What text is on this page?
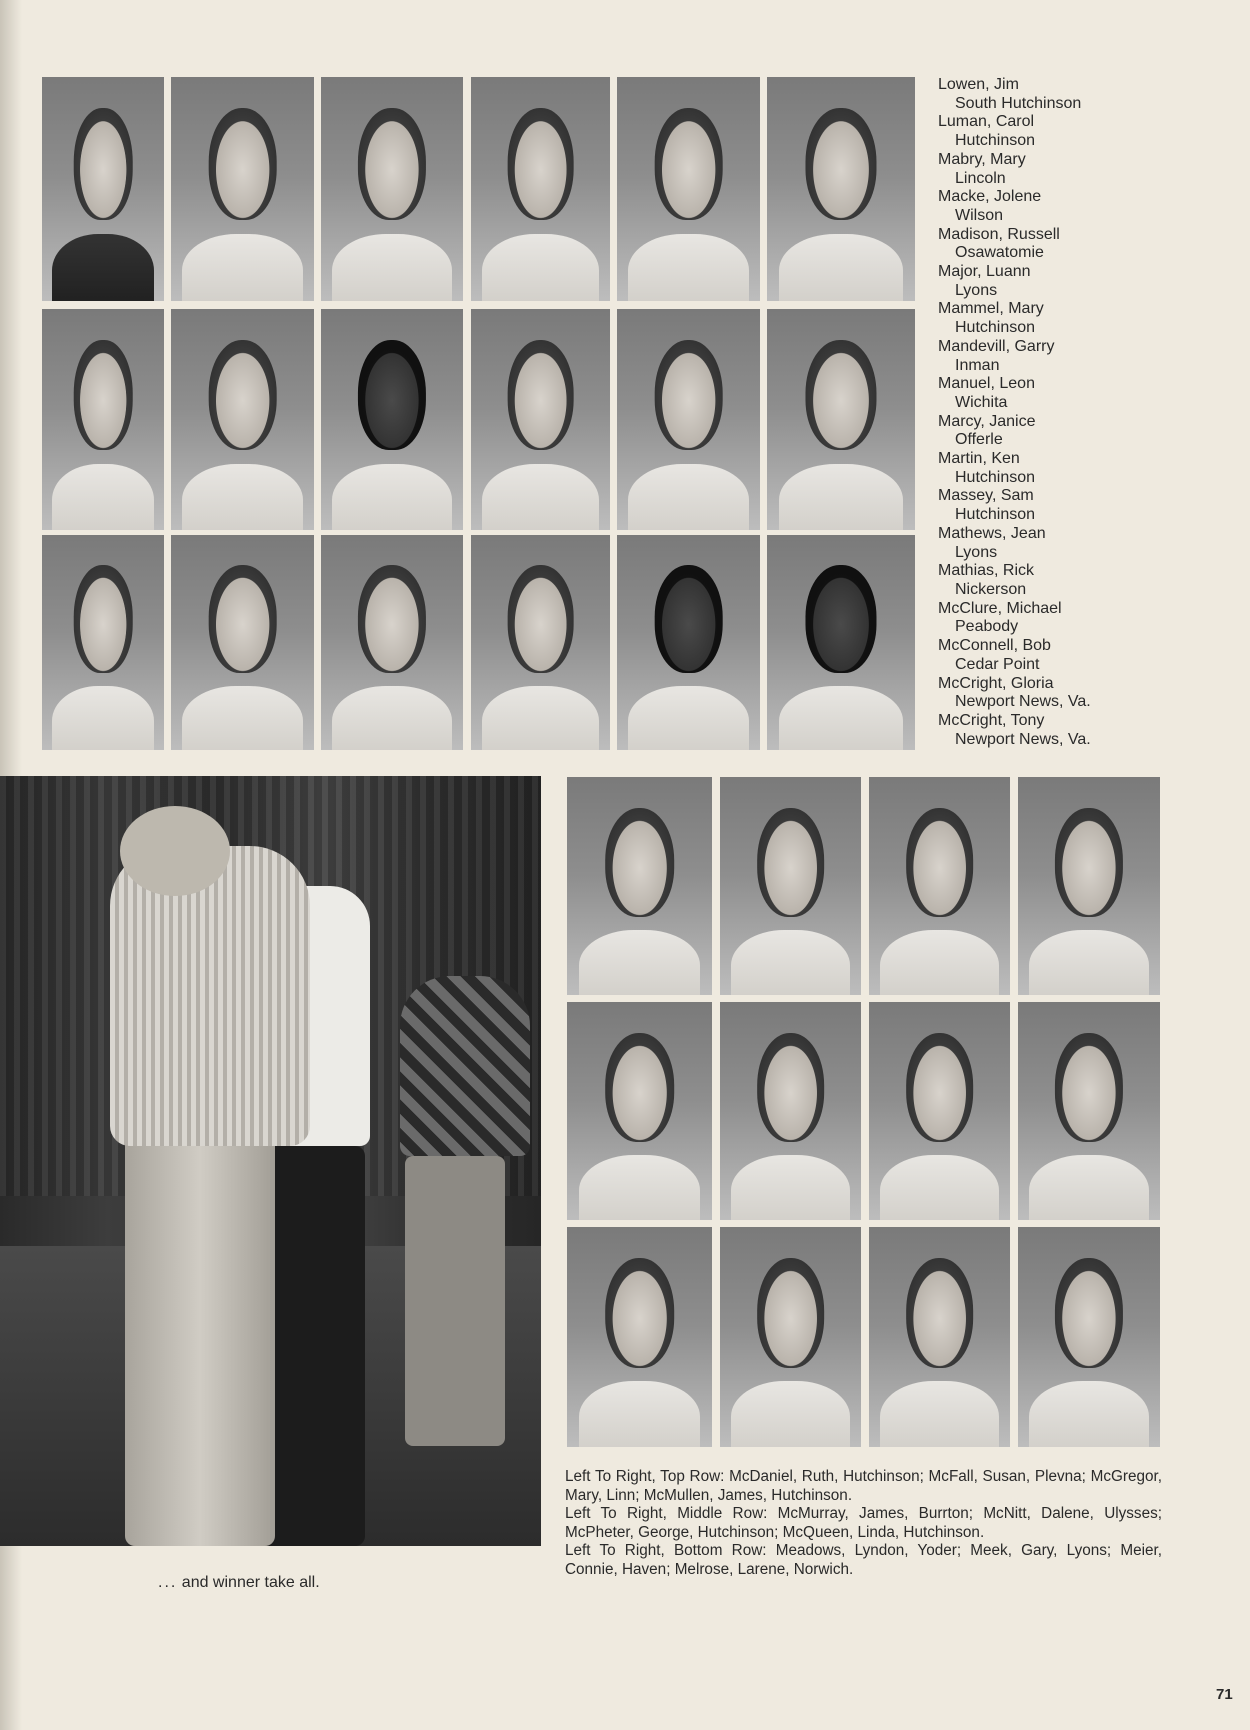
Lowen, Jim
South Hutchinson
Luman, Carol
Hutchinson
Mabry, Mary
Lincoln
Macke, Jolene
Wilson
Madison, Russell
Osawatomie
Major, Luann
Lyons
Mammel, Mary
Hutchinson
Mandevill, Garry
Inman
Manuel, Leon
Wichita
Marcy, Janice
Offerle
Martin, Ken
Hutchinson
Massey, Sam
Hutchinson
Mathews, Jean
Lyons
Mathias, Rick
Nickerson
McClure, Michael
Peabody
McConnell, Bob
Cedar Point
McCright, Gloria
Newport News, Va.
McCright, Tony
Newport News, Va.

... and winner take all.

Left To Right, Top Row: McDaniel, Ruth, Hutchinson; McFall, Susan, Plevna; McGregor, Mary, Linn; McMullen, James, Hutchinson.

Left To Right, Middle Row: McMurray, James, Burrton; McNitt, Dalene, Ulysses; McPheter, George, Hutchinson; McQueen, Linda, Hutchinson.

Left To Right, Bottom Row: Meadows, Lyndon, Yoder; Meek, Gary, Lyons; Meier, Connie, Haven; Melrose, Larene, Norwich.

71
